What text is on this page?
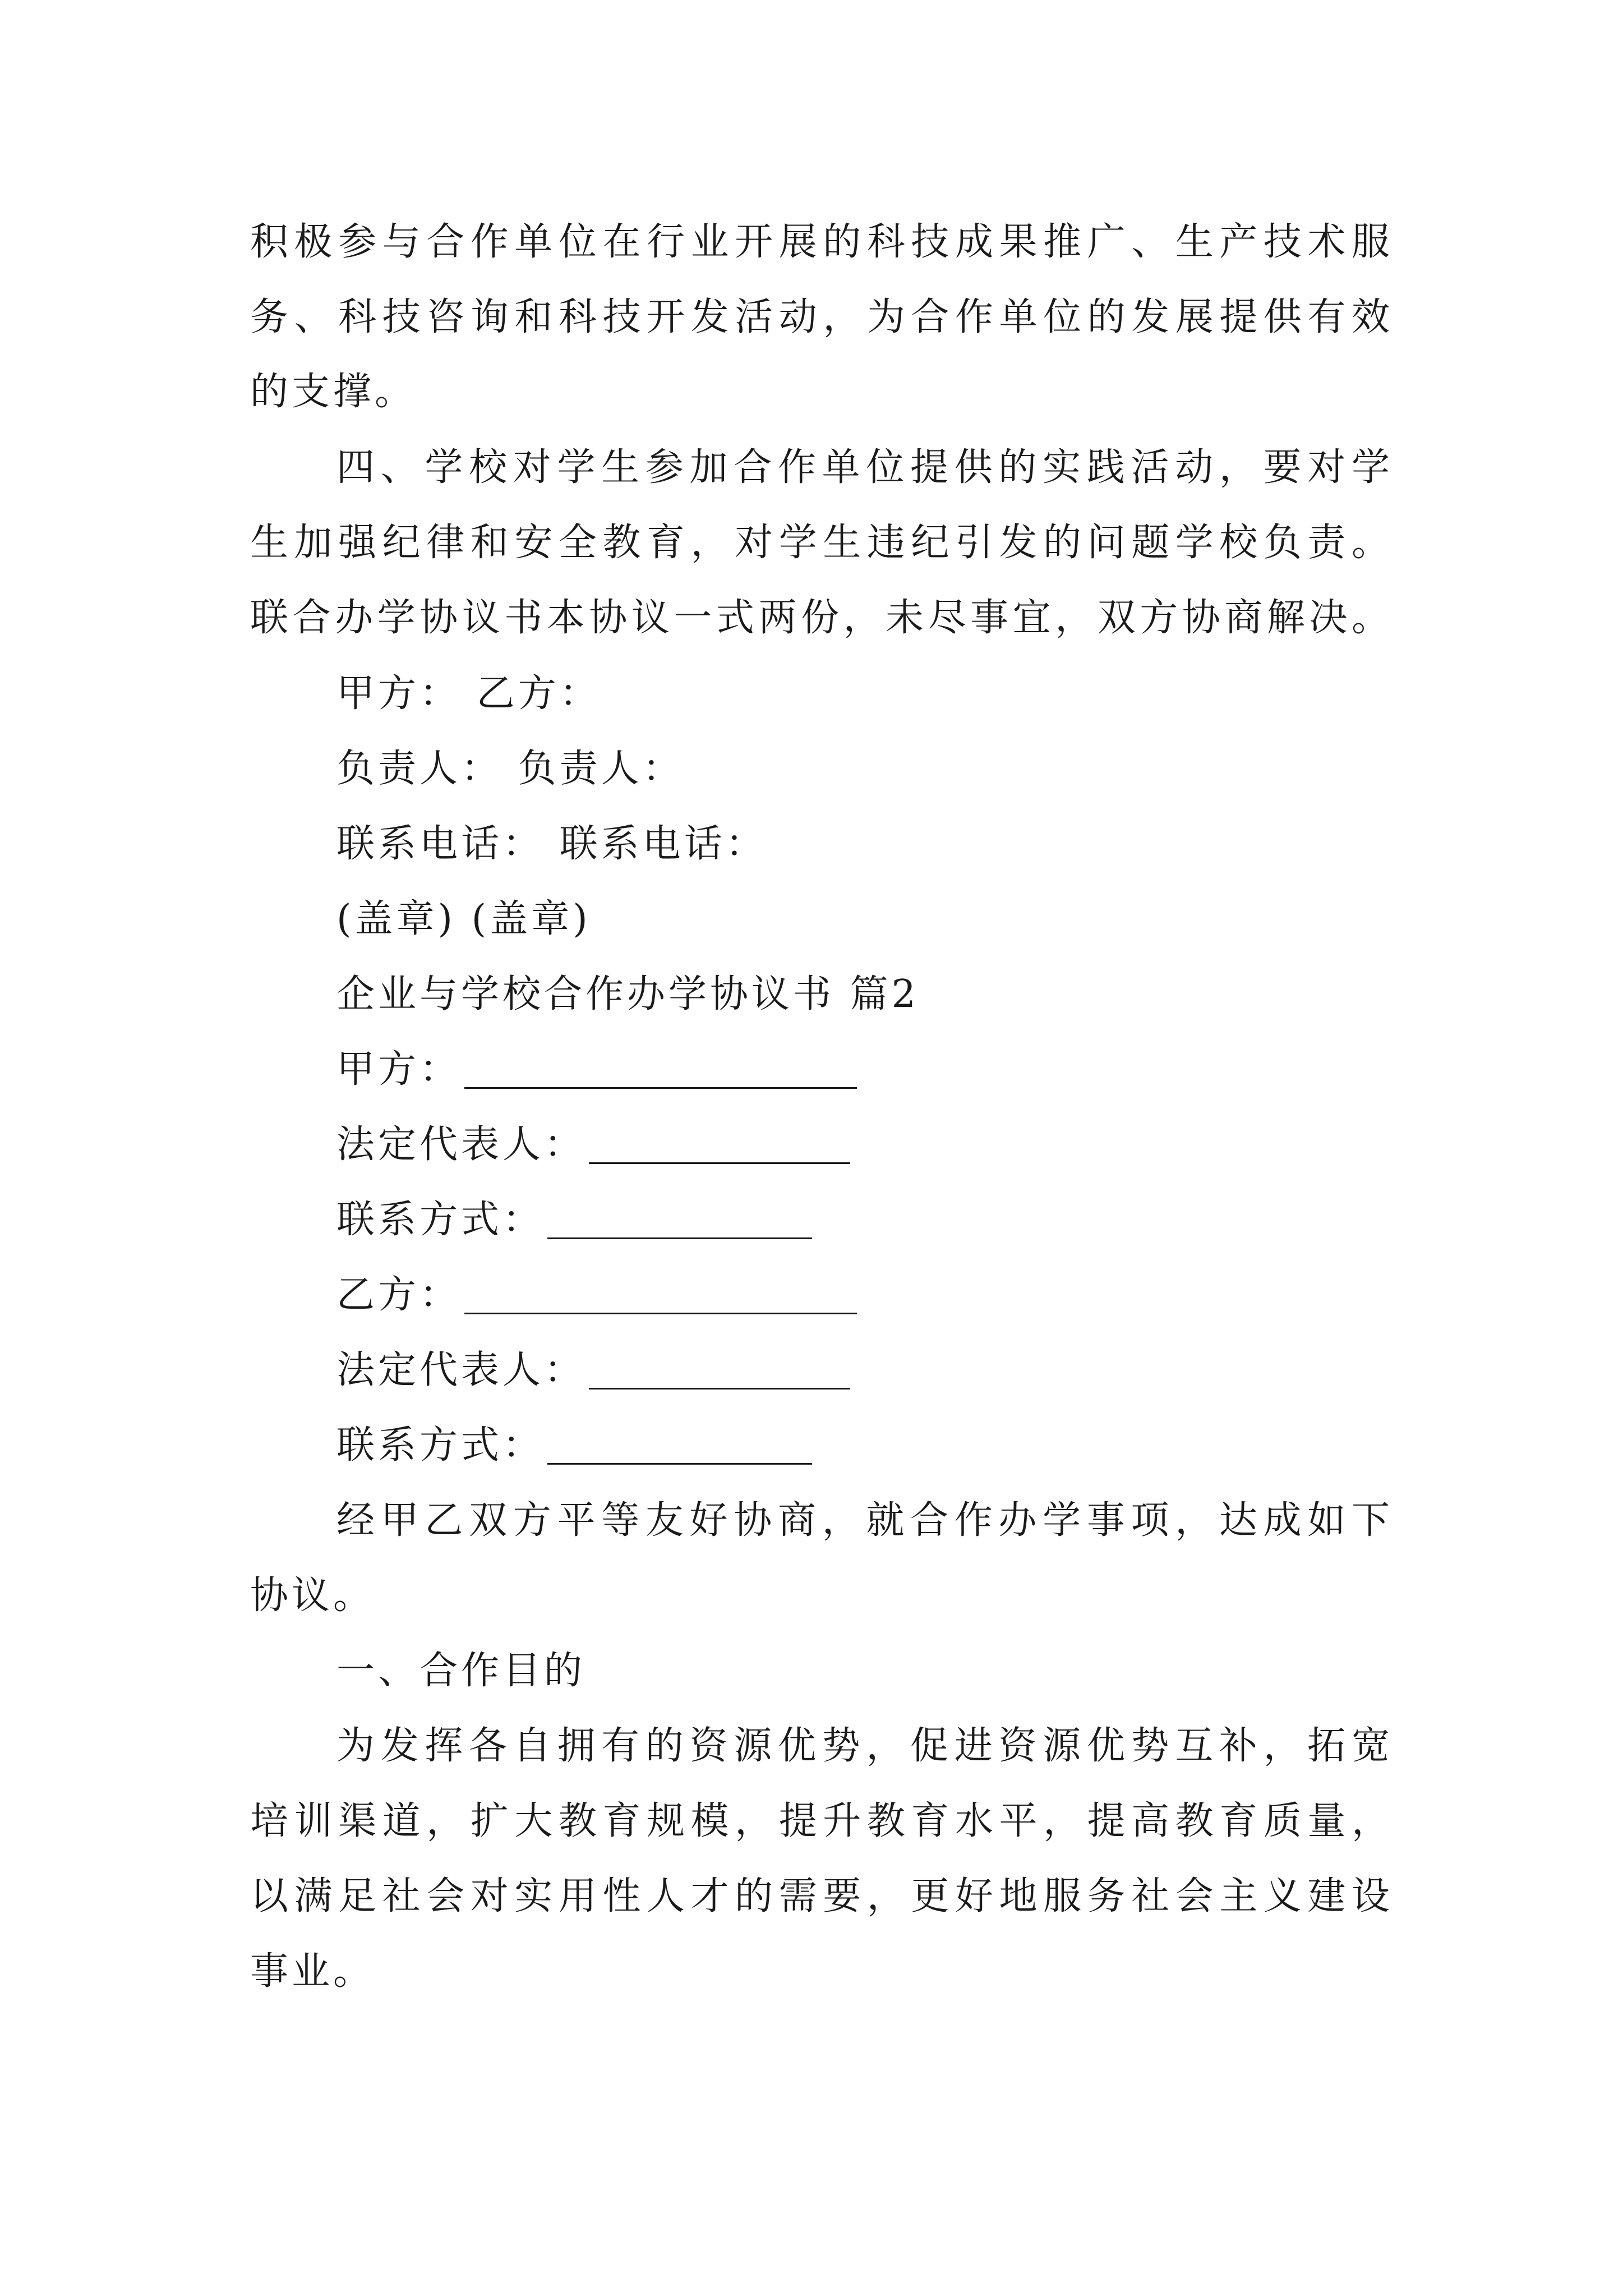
积极参与合作单位在行业开展的科技成果推广、生产技术服
务、科技咨询和科技开发活动，为合作单位的发展提供有效
的支撑。
四、学校对学生参加合作单位提供的实践活动，要对学
生加强纪律和安全教育，对学生违纪引发的问题学校负责。
联合办学协议书本协议一式两份，未尽事宜，双方协商解决。
甲方： 乙方：
负责人： 负责人：
联系电话： 联系电话：
(盖章) (盖章)
企业与学校合作办学协议书 篇2
甲方：
法定代表人：
联系方式：
乙方：
法定代表人：
联系方式：
经甲乙双方平等友好协商，就合作办学事项，达成如下
协议。
一、合作目的
为发挥各自拥有的资源优势，促进资源优势互补，拓宽
培训渠道，扩大教育规模，提升教育水平，提高教育质量，
以满足社会对实用性人才的需要，更好地服务社会主义建设
事业。
